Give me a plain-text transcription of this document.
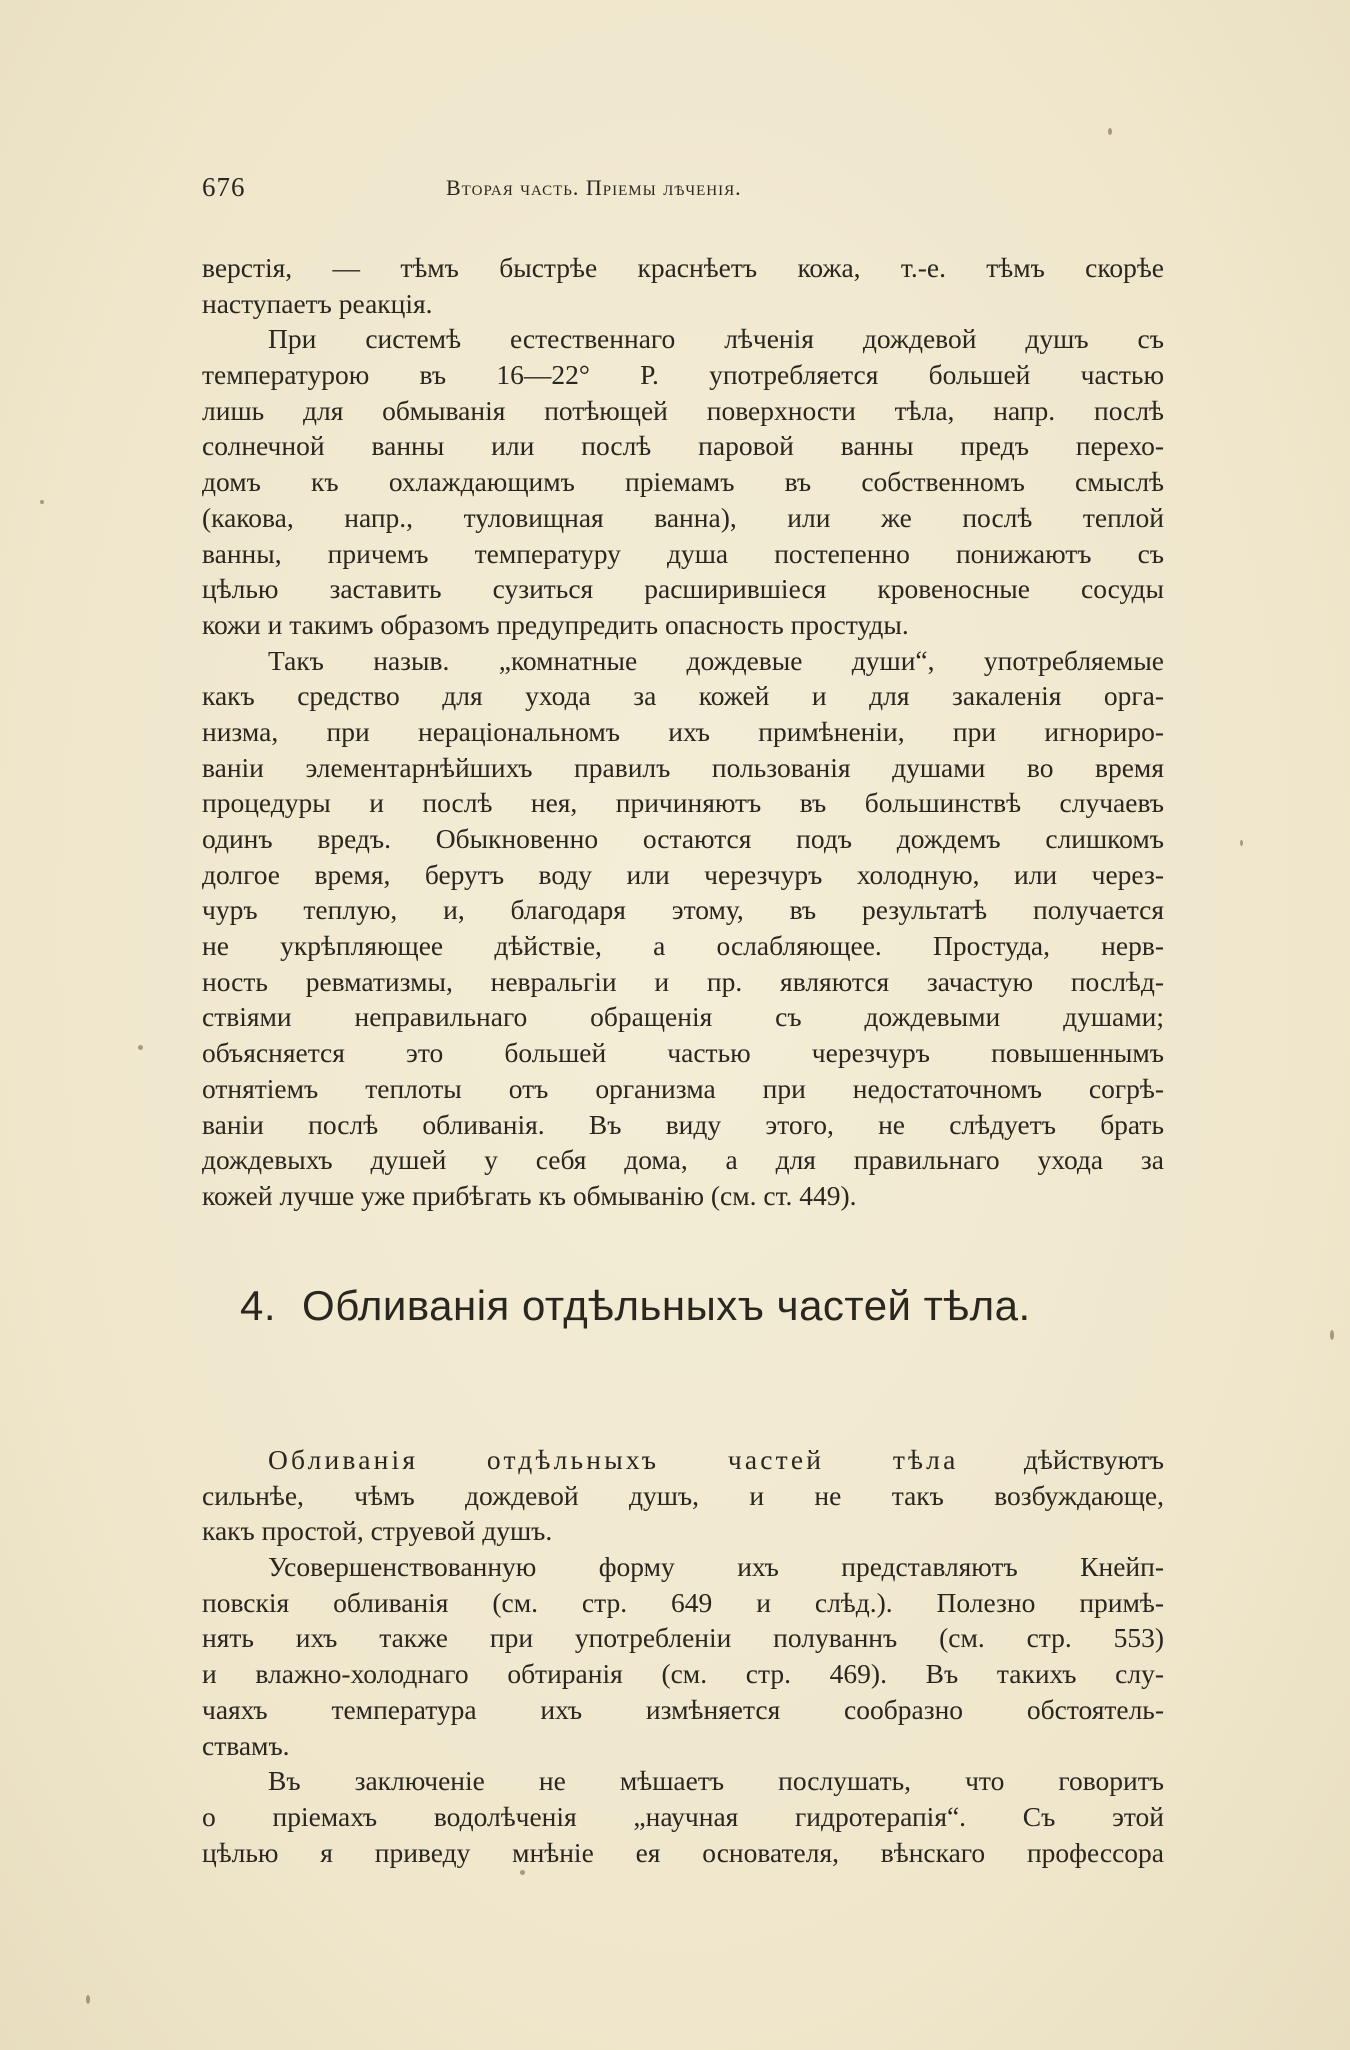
676	Вторая часть. Пріемы лѣченія.
верстія, — тѣмъ быстрѣе краснѣетъ кожа, т.-е. тѣмъ скорѣе
наступаетъ реакція.
При системѣ естественнаго лѣченія дождевой душъ съ
температурою въ 16—22° Р. употребляется большей частью
лишь для обмыванія потѣющей поверхности тѣла, напр. послѣ
солнечной ванны или послѣ паровой ванны предъ перехо-
домъ къ охлаждающимъ пріемамъ въ собственномъ смыслѣ
(какова, напр., туловищная ванна), или же послѣ теплой
ванны, причемъ температуру душа постепенно понижаютъ съ
цѣлью заставить сузиться расширившіеся кровеносные сосуды
кожи и такимъ образомъ предупредить опасность простуды.
Такъ назыв. „комнатные дождевые души“, употребляемые
какъ средство для ухода за кожей и для закаленія орга-
низма, при нераціональномъ ихъ примѣненіи, при игнориро-
ваніи элементарнѣйшихъ правилъ пользованія душами во время
процедуры и послѣ нея, причиняютъ въ большинствѣ случаевъ
одинъ вредъ. Обыкновенно остаются подъ дождемъ слишкомъ
долгое время, берутъ воду или черезчуръ холодную, или через-
чуръ теплую, и, благодаря этому, въ результатѣ получается
не укрѣпляющее дѣйствіе, а ослабляющее. Простуда, нерв-
ность ревматизмы, невральгіи и пр. являются зачастую послѣд-
ствіями неправильнаго обращенія съ дождевыми душами;
объясняется это большей частью черезчуръ повышеннымъ
отнятіемъ теплоты отъ организма при недостаточномъ согрѣ-
ваніи послѣ обливанія. Въ виду этого, не слѣдуетъ брать
дождевыхъ душей у себя дома, а для правильнаго ухода за
кожей лучше уже прибѣгать къ обмыванію (см. ст. 449).
4. Обливанія отдѣльныхъ частей тѣла.
Обливанія отдѣльныхъ частей тѣла дѣйствуютъ
сильнѣе, чѣмъ дождевой душъ, и не такъ возбуждающе,
какъ простой, струевой душъ.
Усовершенствованную форму ихъ представляютъ Кнейп-
повскія обливанія (см. стр. 649 и слѣд.). Полезно примѣ-
нять ихъ также при употребленіи полуваннъ (см. стр. 553)
и влажно-холоднаго обтиранія (см. стр. 469). Въ такихъ слу-
чаяхъ температура ихъ измѣняется сообразно обстоятель-
ствамъ.
Въ заключеніе не мѣшаетъ послушать, что говоритъ
о пріемахъ водолѣченія „научная гидротерапія“. Съ этой
цѣлью я приведу мнѣніе ея основателя, вѣнскаго профессора
